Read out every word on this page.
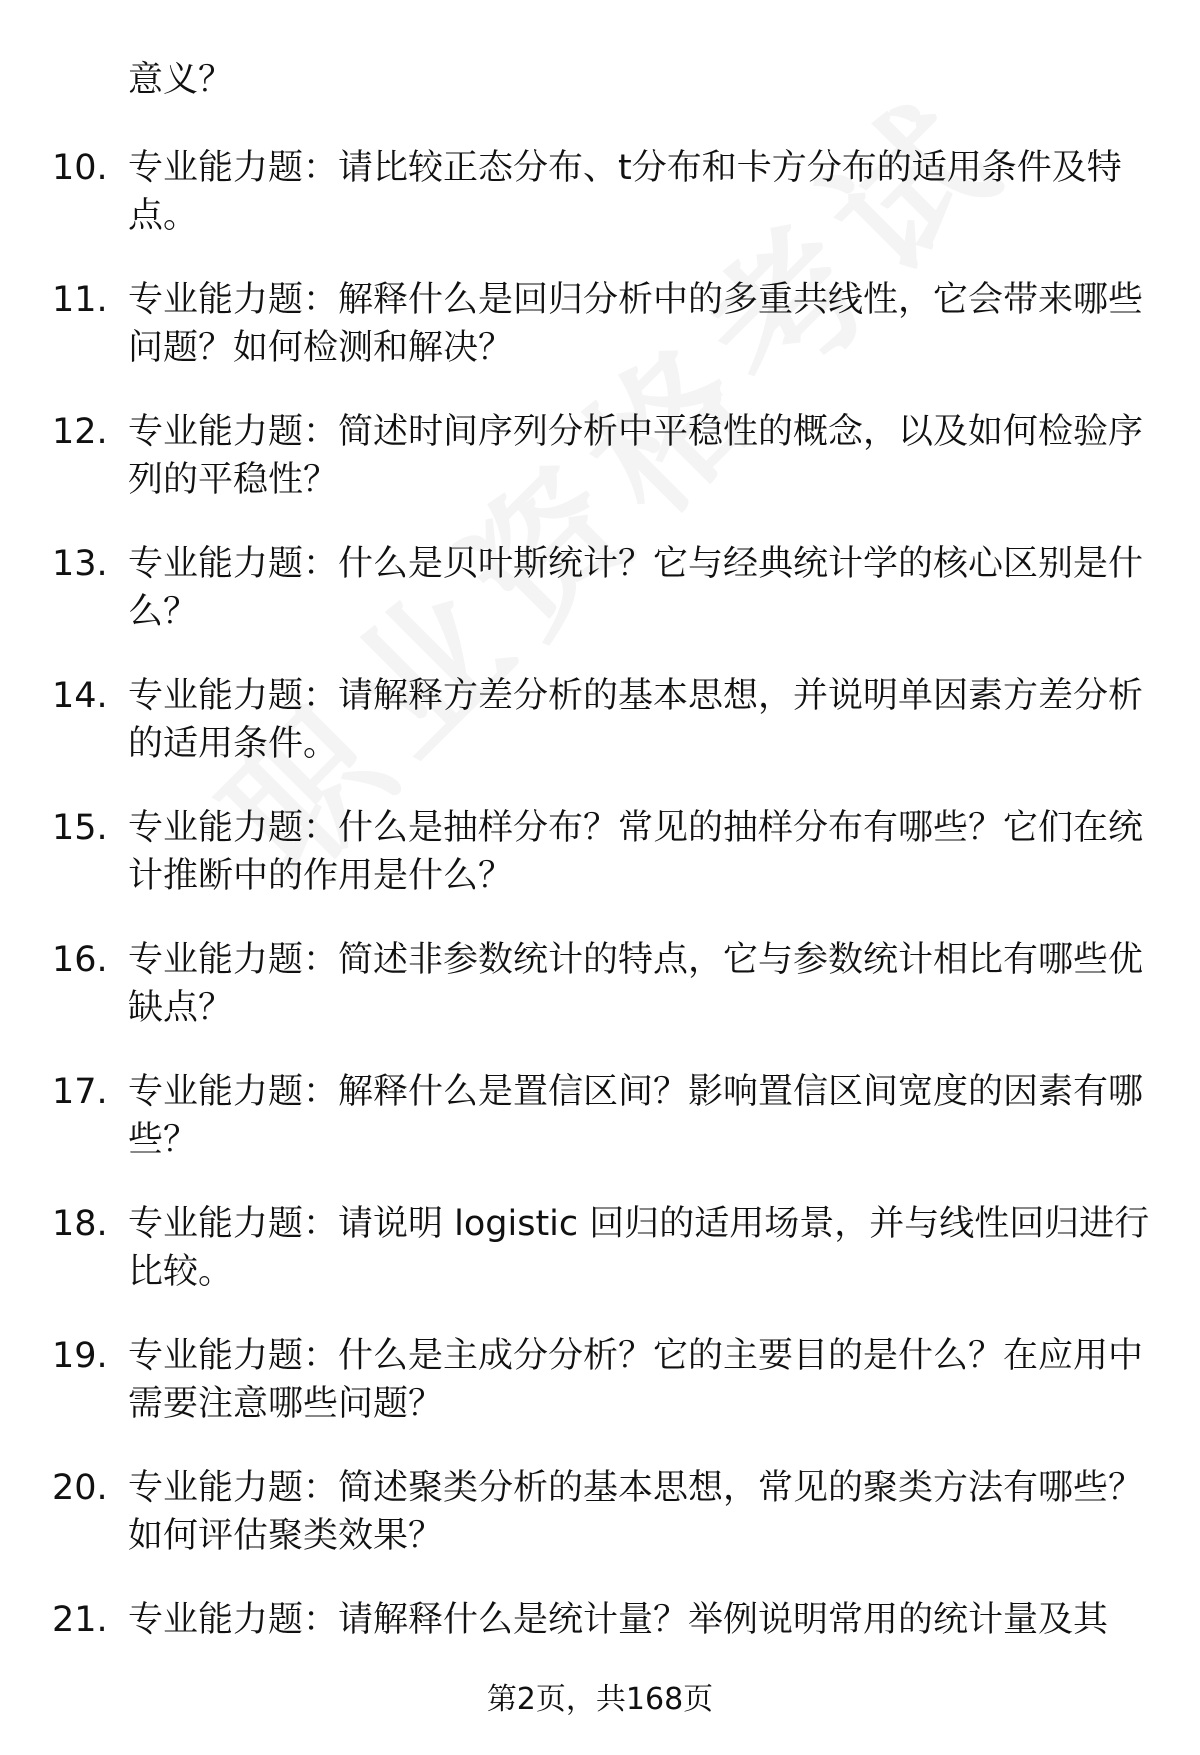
意义？
10. 专业能力题：请比较正态分布、t分布和卡方分布的适用条件及特点。
11. 专业能力题：解释什么是回归分析中的多重共线性，它会带来哪些问题？如何检测和解决？
12. 专业能力题：简述时间序列分析中平稳性的概念，以及如何检验序列的平稳性？
13. 专业能力题：什么是贝叶斯统计？它与经典统计学的核心区别是什么？
14. 专业能力题：请解释方差分析的基本思想，并说明单因素方差分析的适用条件。
15. 专业能力题：什么是抽样分布？常见的抽样分布有哪些？它们在统计推断中的作用是什么？
16. 专业能力题：简述非参数统计的特点，它与参数统计相比有哪些优缺点？
17. 专业能力题：解释什么是置信区间？影响置信区间宽度的因素有哪些？
18. 专业能力题：请说明 logistic 回归的适用场景，并与线性回归进行比较。
19. 专业能力题：什么是主成分分析？它的主要目的是什么？在应用中需要注意哪些问题？
20. 专业能力题：简述聚类分析的基本思想，常见的聚类方法有哪些？如何评估聚类效果？
21. 专业能力题：请解释什么是统计量？举例说明常用的统计量及其
第2页，共168页
